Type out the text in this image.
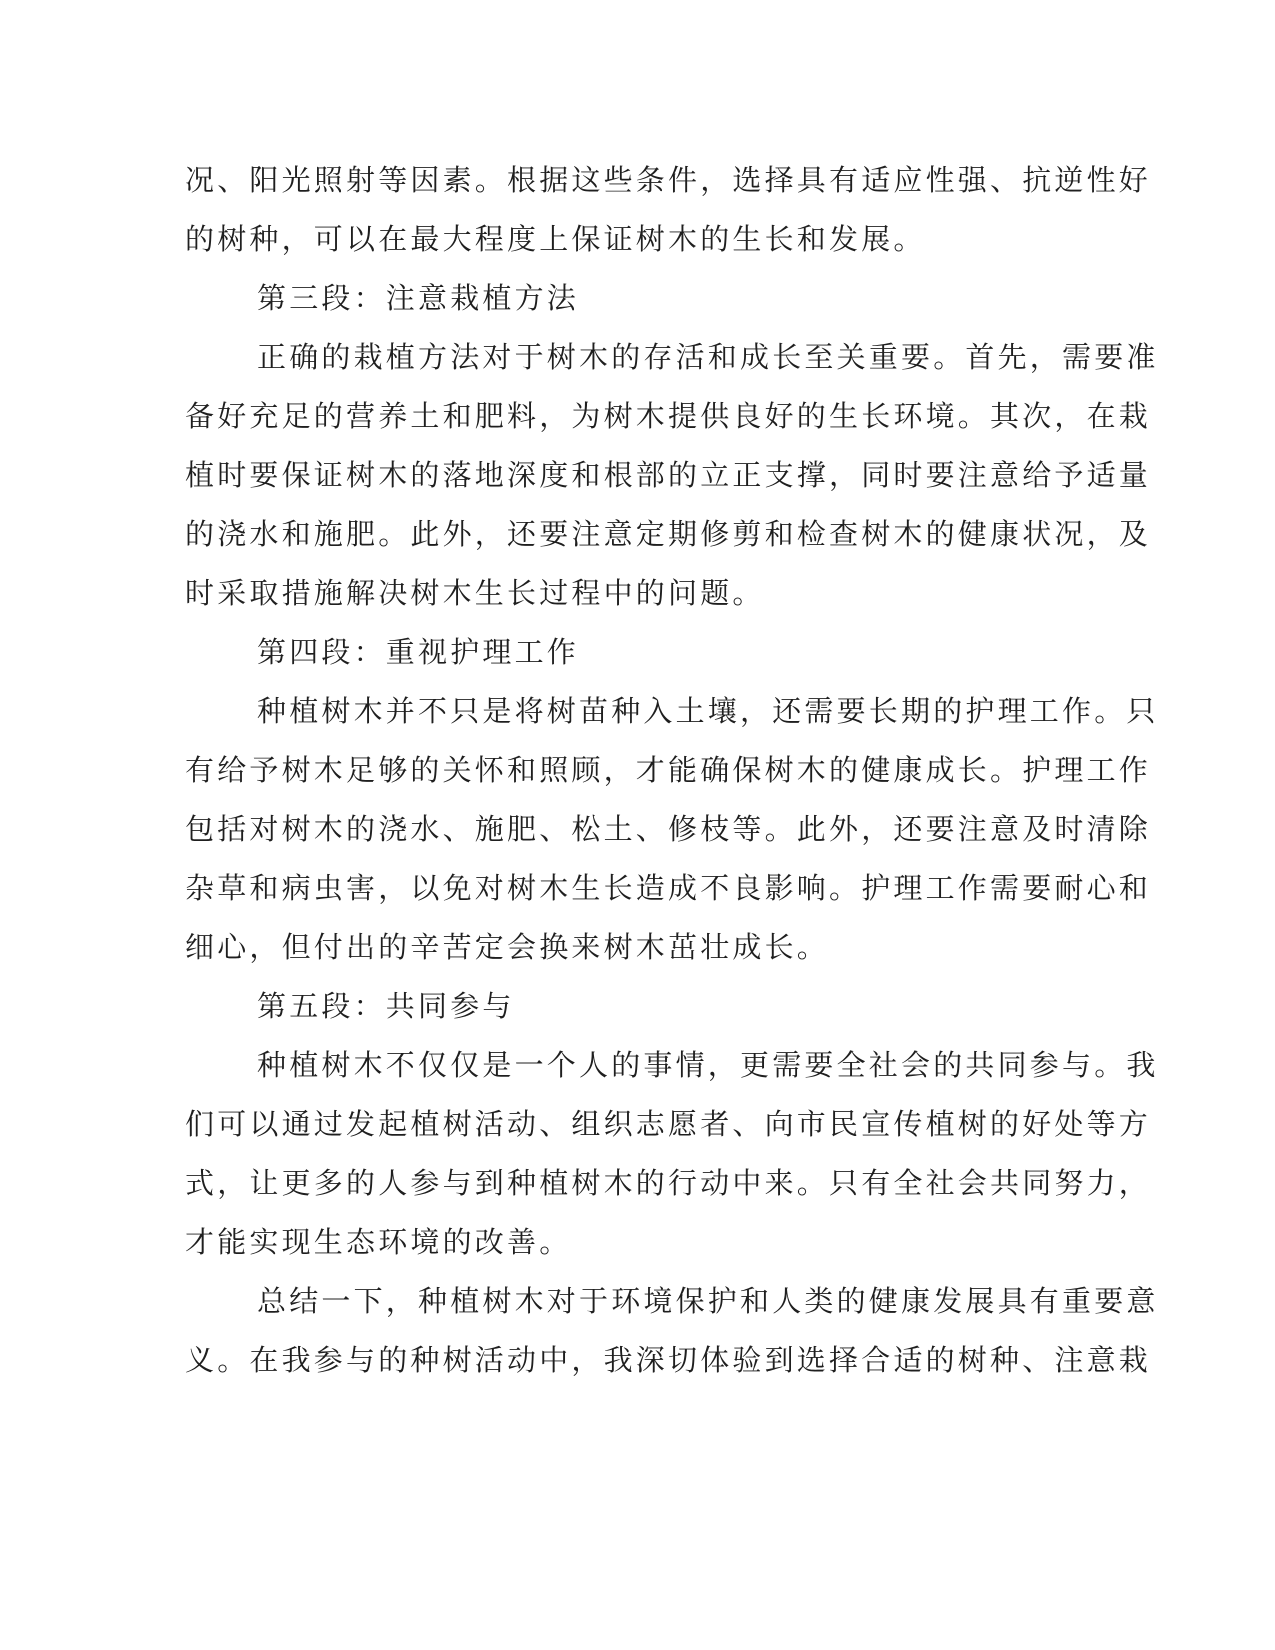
况、阳光照射等因素。根据这些条件，选择具有适应性强、抗逆性好
的树种，可以在最大程度上保证树木的生长和发展。
第三段：注意栽植方法
正确的栽植方法对于树木的存活和成长至关重要。首先，需要准
备好充足的营养土和肥料，为树木提供良好的生长环境。其次，在栽
植时要保证树木的落地深度和根部的立正支撑，同时要注意给予适量
的浇水和施肥。此外，还要注意定期修剪和检查树木的健康状况，及
时采取措施解决树木生长过程中的问题。
第四段：重视护理工作
种植树木并不只是将树苗种入土壤，还需要长期的护理工作。只
有给予树木足够的关怀和照顾，才能确保树木的健康成长。护理工作
包括对树木的浇水、施肥、松土、修枝等。此外，还要注意及时清除
杂草和病虫害，以免对树木生长造成不良影响。护理工作需要耐心和
细心，但付出的辛苦定会换来树木茁壮成长。
第五段：共同参与
种植树木不仅仅是一个人的事情，更需要全社会的共同参与。我
们可以通过发起植树活动、组织志愿者、向市民宣传植树的好处等方
式，让更多的人参与到种植树木的行动中来。只有全社会共同努力，
才能实现生态环境的改善。
总结一下，种植树木对于环境保护和人类的健康发展具有重要意
义。在我参与的种树活动中，我深切体验到选择合适的树种、注意栽
